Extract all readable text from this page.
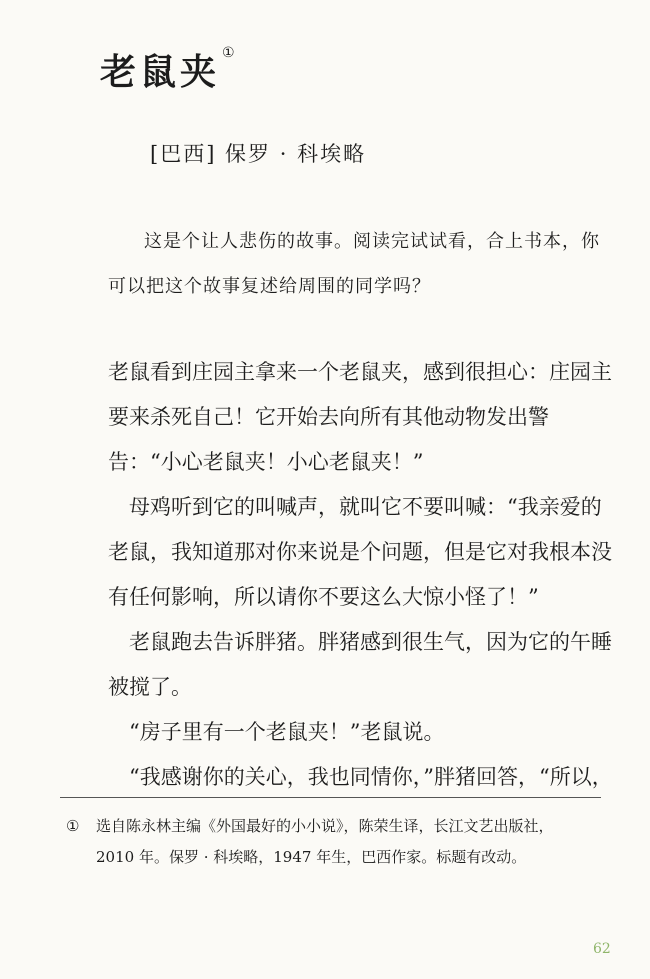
老鼠夹 ①
[巴西] 保罗 · 科埃略
这是个让人悲伤的故事。阅读完试试看，合上书本，你可以把这个故事复述给周围的同学吗？

老鼠看到庄园主拿来一个老鼠夹，感到很担心：庄园主要来杀死自己！它开始去向所有其他动物发出警告：“小心老鼠夹！小心老鼠夹！”

　母鸡听到它的叫喊声，就叫它不要叫喊：“我亲爱的老鼠，我知道那对你来说是个问题，但是它对我根本没有任何影响，所以请你不要这么大惊小怪了！”

　老鼠跑去告诉胖猪。胖猪感到很生气，因为它的午睡被搅了。

　“房子里有一个老鼠夹！”老鼠说。

　“我感谢你的关心，我也同情你，”胖猪回答，“所以，

① 选自陈永林主编《外国最好的小小说》，陈荣生译，长江文艺出版社，
2010 年。保罗 · 科埃略，1947 年生，巴西作家。标题有改动。
62
